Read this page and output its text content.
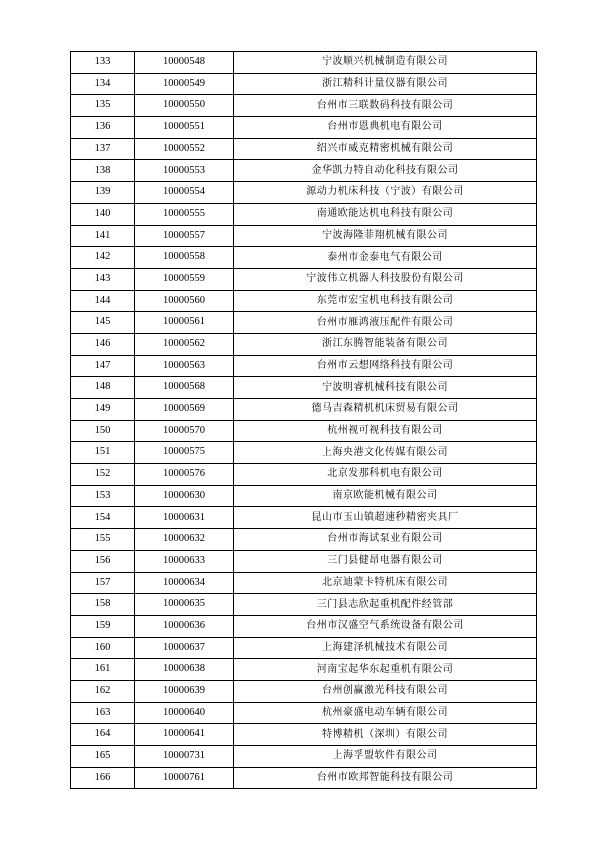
133	10000548	宁波顺兴机械制造有限公司
134	10000549	浙江精科计量仪器有限公司
135	10000550	台州市三联数码科技有限公司
136	10000551	台州市恩典机电有限公司
137	10000552	绍兴市威克精密机械有限公司
138	10000553	金华凯力特自动化科技有限公司
139	10000554	源动力机床科技（宁波）有限公司
140	10000555	南通欧能达机电科技有限公司
141	10000557	宁波海隆菲翔机械有限公司
142	10000558	泰州市金泰电气有限公司
143	10000559	宁波伟立机器人科技股份有限公司
144	10000560	东莞市宏宝机电科技有限公司
145	10000561	台州市雁鸿液压配件有限公司
146	10000562	浙江东腾智能装备有限公司
147	10000563	台州市云想网络科技有限公司
148	10000568	宁波明睿机械科技有限公司
149	10000569	德马吉森精机机床贸易有限公司
150	10000570	杭州视可视科技有限公司
151	10000575	上海央港文化传媒有限公司
152	10000576	北京发那科机电有限公司
153	10000630	南京欧能机械有限公司
154	10000631	昆山市玉山镇超速秒精密夹具厂
155	10000632	台州市海试泵业有限公司
156	10000633	三门县健昂电器有限公司
157	10000634	北京迪蒙卡特机床有限公司
158	10000635	三门县志欣起重机配件经管部
159	10000636	台州市汉盛空气系统设备有限公司
160	10000637	上海建泽机械技术有限公司
161	10000638	河南宝起华东起重机有限公司
162	10000639	台州创赢激光科技有限公司
163	10000640	杭州豪盛电动车辆有限公司
164	10000641	特博精机（深圳）有限公司
165	10000731	上海孚盟软件有限公司
166	10000761	台州市欧邦智能科技有限公司
